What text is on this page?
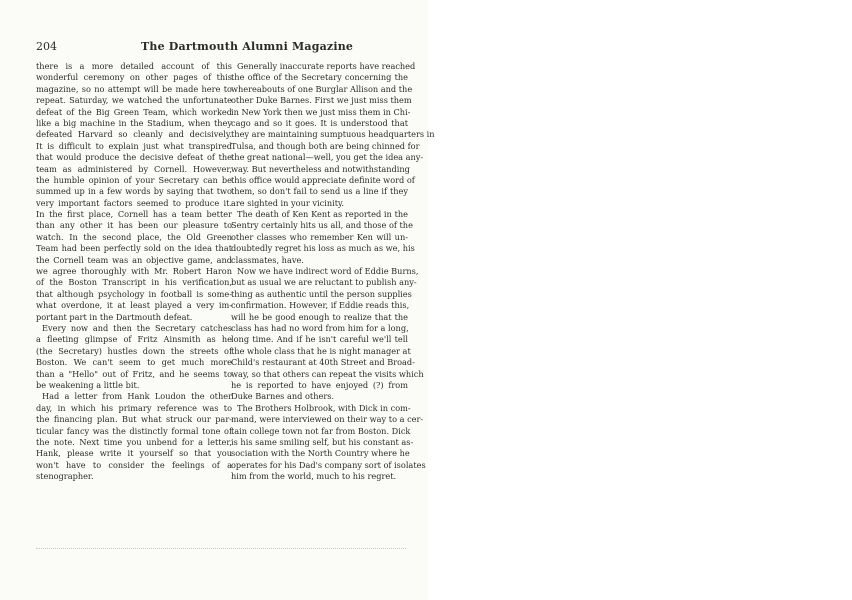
204	The Dartmouth Alumni Magazine
there is a more detailed account of this
wonderful ceremony on other pages of this
magazine, so no attempt will be made here to
repeat. Saturday, we watched the unfortunate
defeat of the Big Green Team, which worked
like a big machine in the Stadium, when they
defeated Harvard so cleanly and decisively.
It is difficult to explain just what transpired
that would produce the decisive defeat of the
team as administered by Cornell. However,
the humble opinion of your Secretary can be
summed up in a few words by saying that two
very important factors seemed to produce it.
In the first place, Cornell has a team better
than any other it has been our pleasure to
watch. In the second place, the Old Green
Team had been perfectly sold on the idea that
the Cornell team was an objective game, and
we agree thoroughly with Mr. Robert Haron
of the Boston Transcript in his verification,
that although psychology in football is some-
what overdone, it at least played a very im-
portant part in the Dartmouth defeat.
Every now and then the Secretary catches
a fleeting glimpse of Fritz Ainsmith as he
(the Secretary) hustles down the streets of
Boston. We can't seem to get much more
than a "Hello" out of Fritz, and he seems to
be weakening a little bit.
Had a letter from Hank Loudon the other
day, in which his primary reference was to
the financing plan. But what struck our par-
ticular fancy was the distinctly formal tone of
the note. Next time you unbend for a letter,
Hank, please write it yourself so that you
won't have to consider the feelings of a
stenographer.
Generally inaccurate reports have reached
the office of the Secretary concerning the
whereabouts of one Burglar Allison and the
other Duke Barnes. First we just miss them
in New York then we just miss them in Chi-
cago and so it goes. It is understood that
they are maintaining sumptuous headquarters in
Tulsa, and though both are being chinned for
the great national—well, you get the idea any-
way. But nevertheless and notwithstanding
this office would appreciate definite word of
them, so don't fail to send us a line if they
are sighted in your vicinity.
The death of Ken Kent as reported in the
Sentry certainly hits us all, and those of the
other classes who remember Ken will un-
doubtedly regret his loss as much as we, his
classmates, have.
Now we have indirect word of Eddie Burns,
but as usual we are reluctant to publish any-
thing as authentic until the person supplies
confirmation. However, if Eddie reads this,
will he be good enough to realize that the
class has had no word from him for a long,
long time. And if he isn't careful we'll tell
the whole class that he is night manager at
Child's restaurant at 40th Street and Broad-
way, so that others can repeat the visits which
he is reported to have enjoyed (?) from
Duke Barnes and others.
The Brothers Holbrook, with Dick in com-
mand, were interviewed on their way to a cer-
tain college town not far from Boston. Dick
is his same smiling self, but his constant as-
sociation with the North Country where he
operates for his Dad's company sort of isolates
him from the world, much to his regret.
